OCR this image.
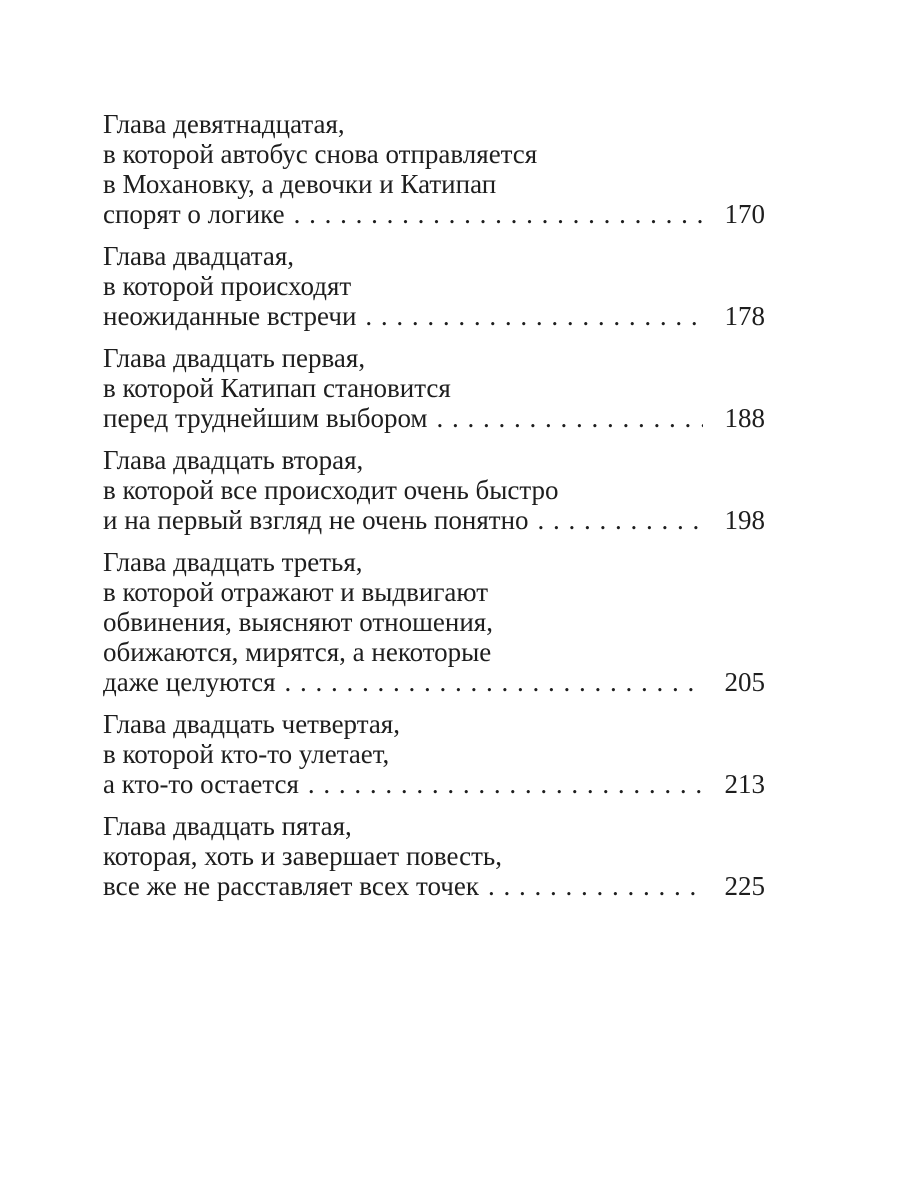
Глава девятнадцатая,
в которой автобус снова отправляется
в Мохановку, а девочки и Катипап
спорят о логике . . .	170
Глава двадцатая,
в которой происходят
неожиданные встречи . . .	178
Глава двадцать первая,
в которой Катипап становится
перед труднейшим выбором . . .	188
Глава двадцать вторая,
в которой все происходит очень быстро
и на первый взгляд не очень понятно . . .	198
Глава двадцать третья,
в которой отражают и выдвигают
обвинения, выясняют отношения,
обижаются, мирятся, а некоторые
даже целуются . . .	205
Глава двадцать четвертая,
в которой кто-то улетает,
а кто-то остается . . .	213
Глава двадцать пятая,
которая, хоть и завершает повесть,
все же не расставляет всех точек . . .	225
